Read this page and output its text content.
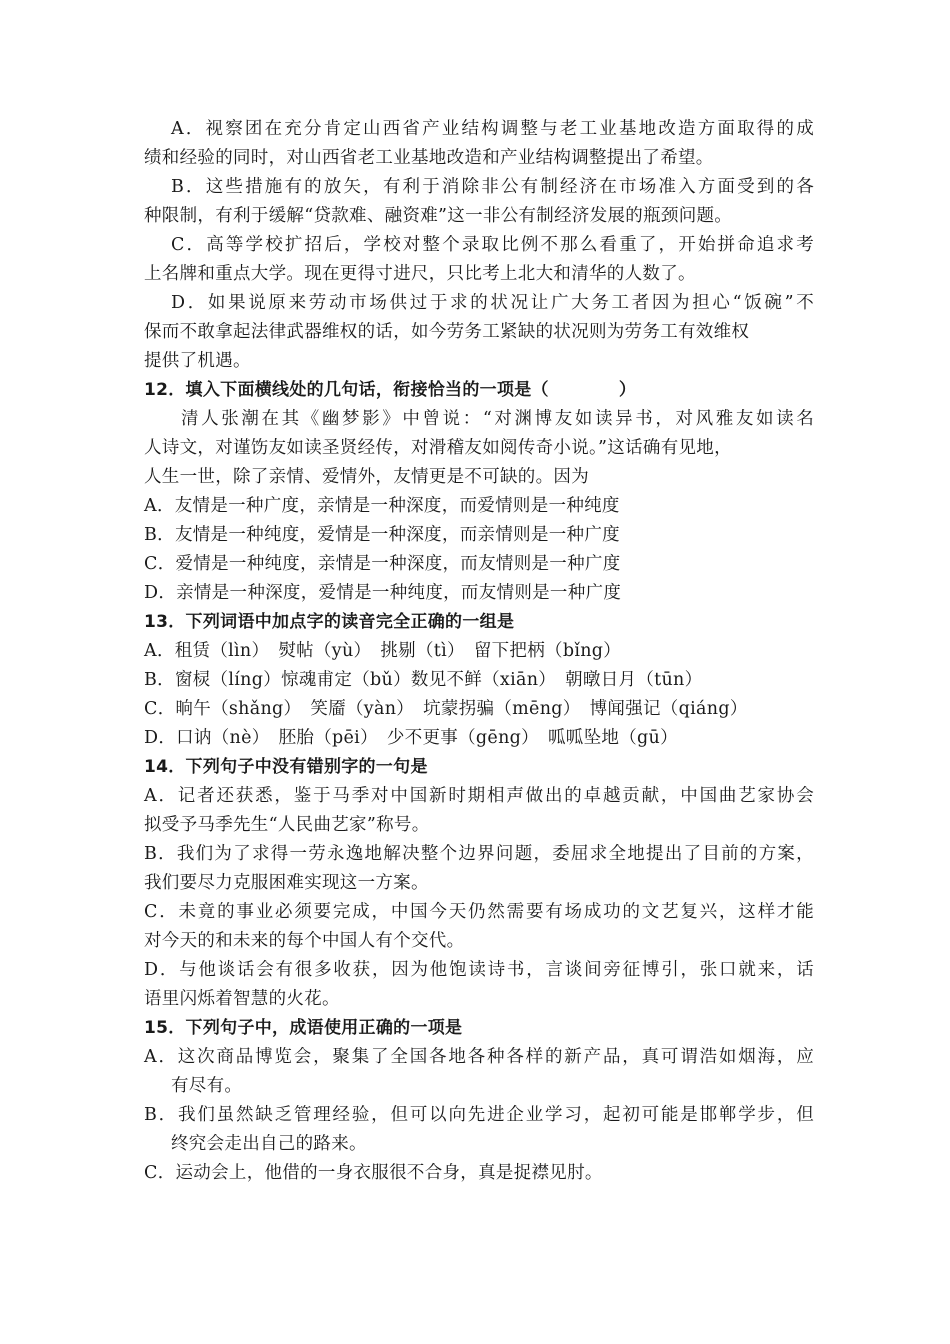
A．视察团在充分肯定山西省产业结构调整与老工业基地改造方面取得的成
绩和经验的同时，对山西省老工业基地改造和产业结构调整提出了希望。
B．这些措施有的放矢，有利于消除非公有制经济在市场准入方面受到的各
种限制，有利于缓解“贷款难、融资难”这一非公有制经济发展的瓶颈问题。
C．高等学校扩招后，学校对整个录取比例不那么看重了，开始拼命追求考
上名牌和重点大学。现在更得寸进尺，只比考上北大和清华的人数了。
D．如果说原来劳动市场供过于求的状况让广大务工者因为担心“饭碗”不
保而不敢拿起法律武器维权的话，如今劳务工紧缺的状况则为劳务工有效维权
提供了机遇。
12．填入下面横线处的几句话，衔接恰当的一项是（	）
清人张潮在其《幽梦影》中曾说：“对渊博友如读异书，对风雅友如读名
人诗文，对谨饬友如读圣贤经传，对滑稽友如阅传奇小说。”这话确有见地，
人生一世，除了亲情、爱情外，友情更是不可缺的。因为
A．友情是一种广度，亲情是一种深度，而爱情则是一种纯度
B．友情是一种纯度，爱情是一种深度，而亲情则是一种广度
C．爱情是一种纯度，亲情是一种深度，而友情则是一种广度
D．亲情是一种深度，爱情是一种纯度，而友情则是一种广度
13．下列词语中加点字的读音完全正确的一组是
A．租赁（lìn）　熨帖（yù）　挑剔（tì）　留下把柄（bǐng）
B．窗棂（líng）惊魂甫定（bǔ）数见不鲜（xiān）　朝暾日月（tūn）
C．晌午（shǎng）　笑靥（yàn）　坑蒙拐骗（mēng）　博闻强记（qiáng）
D．口讷（nè）　胚胎（pēi）　少不更事（gēng）　呱呱坠地（gū）
14．下列句子中没有错别字的一句是
A．记者还获悉，鉴于马季对中国新时期相声做出的卓越贡献，中国曲艺家协会
拟受予马季先生“人民曲艺家”称号。
B．我们为了求得一劳永逸地解决整个边界问题，委屈求全地提出了目前的方案，
我们要尽力克服困难实现这一方案。
C．未竟的事业必须要完成，中国今天仍然需要有场成功的文艺复兴，这样才能
对今天的和未来的每个中国人有个交代。
D．与他谈话会有很多收获，因为他饱读诗书，言谈间旁征博引，张口就来，话
语里闪烁着智慧的火花。
15．下列句子中，成语使用正确的一项是
A．这次商品博览会，聚集了全国各地各种各样的新产品，真可谓浩如烟海，应
有尽有。
B．我们虽然缺乏管理经验，但可以向先进企业学习，起初可能是邯郸学步，但
终究会走出自己的路来。
C．运动会上，他借的一身衣服很不合身，真是捉襟见肘。
